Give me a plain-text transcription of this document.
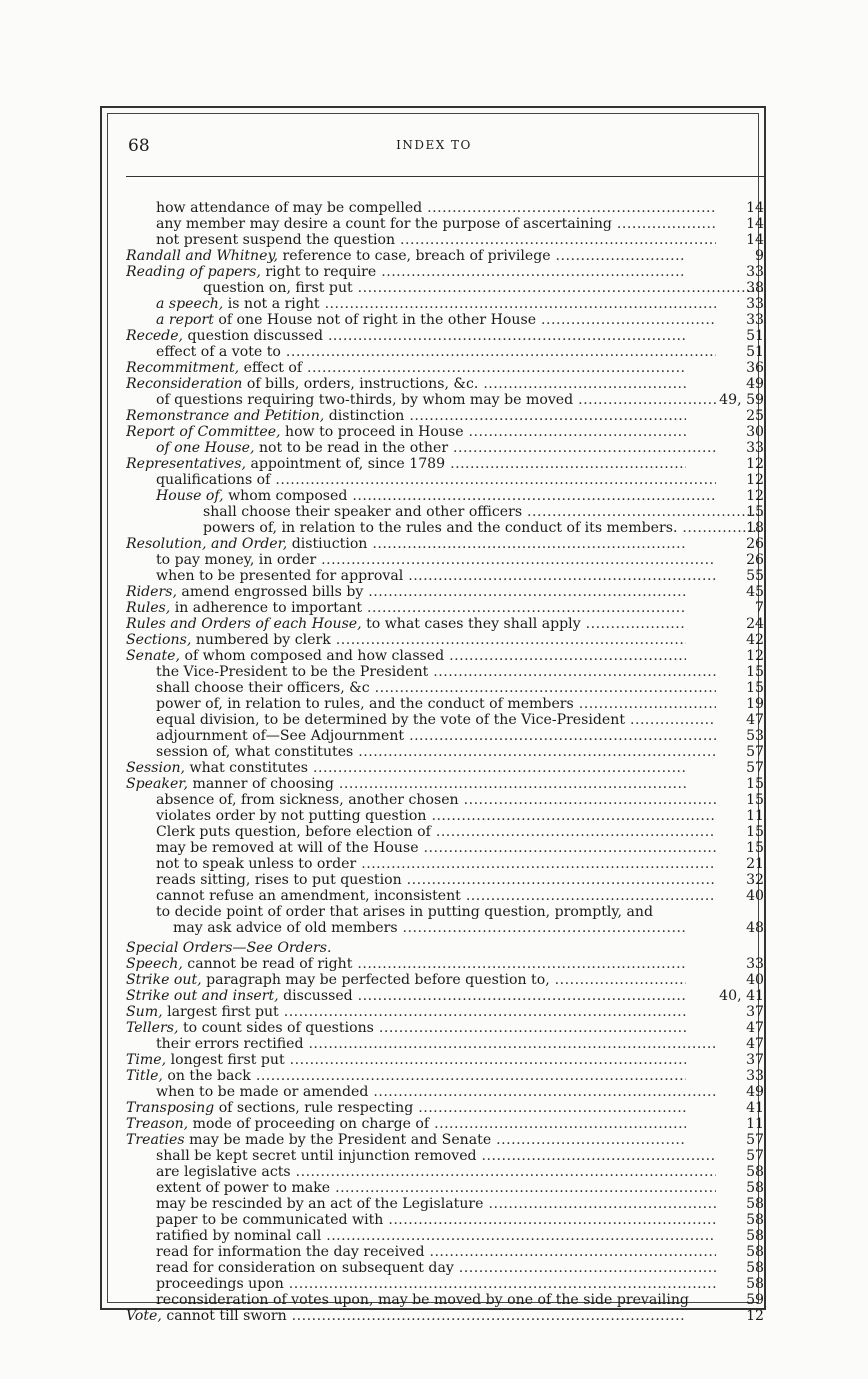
68	INDEX TO
how attendance of may be compelled .....	14
any member may desire a count for the purpose of ascertaining .....	14
not present suspend the question .....	14
Randall and Whitney, reference to case, breach of privilege .....	9
Reading of papers, right to require .....	33
question on, first put .....	38
a speech, is not a right .....	33
a report of one House not of right in the other House .....	33
Recede, question discussed .....	51
effect of a vote to .....	51
Recommitment, effect of .....	36
Reconsideration of bills, orders, instructions, &c. .....	49
of questions requiring two-thirds, by whom may be moved .....	49, 59
Remonstrance and Petition, distinction .....	25
Report of Committee, how to proceed in House .....	30
of one House, not to be read in the other .....	33
Representatives, appointment of, since 1789 .....	12
qualifications of .....	12
House of, whom composed .....	12
shall choose their speaker and other officers .....	15
powers of, in relation to the rules and the conduct of its members. .....	18
Resolution, and Order, distiuction .....	26
to pay money, in order .....	26
when to be presented for approval .....	55
Riders, amend engrossed bills by .....	45
Rules, in adherence to important .....	7
Rules and Orders of each House, to what cases they shall apply .....	24
Sections, numbered by clerk .....	42
Senate, of whom composed and how classed .....	12
the Vice-President to be the President .....	15
shall choose their officers, &c .....	15
power of, in relation to rules, and the conduct of members .....	19
equal division, to be determined by the vote of the Vice-President .....	47
adjournment of—See Adjournment .....	53
session of, what constitutes .....	57
Session, what constitutes .....	57
Speaker, manner of choosing .....	15
absence of, from sickness, another chosen .....	15
violates order by not putting question .....	11
Clerk puts question, before election of .....	15
may be removed at will of the House .....	15
not to speak unless to order .....	21
reads sitting, rises to put question .....	32
cannot refuse an amendment, inconsistent .....	40
to decide point of order that arises in putting question, promptly, and
may ask advice of old members .....	48
Special Orders—See Orders.
Speech, cannot be read of right .....	33
Strike out, paragraph may be perfected before question to, .....	40
Strike out and insert, discussed .....	40, 41
Sum, largest first put .....	37
Tellers, to count sides of questions .....	47
their errors rectified .....	47
Time, longest first put .....	37
Title, on the back .....	33
when to be made or amended .....	49
Transposing of sections, rule respecting .....	41
Treason, mode of proceeding on charge of .....	11
Treaties may be made by the President and Senate .....	57
shall be kept secret until injunction removed .....	57
are legislative acts .....	58
extent of power to make .....	58
may be rescinded by an act of the Legislature .....	58
paper to be communicated with .....	58
ratified by nominal call .....	58
read for information the day received .....	58
read for consideration on subsequent day .....	58
proceedings upon .....	58
reconsideration of votes upon, may be moved by one of the side prevailing	59
Vote, cannot till sworn .....	12
